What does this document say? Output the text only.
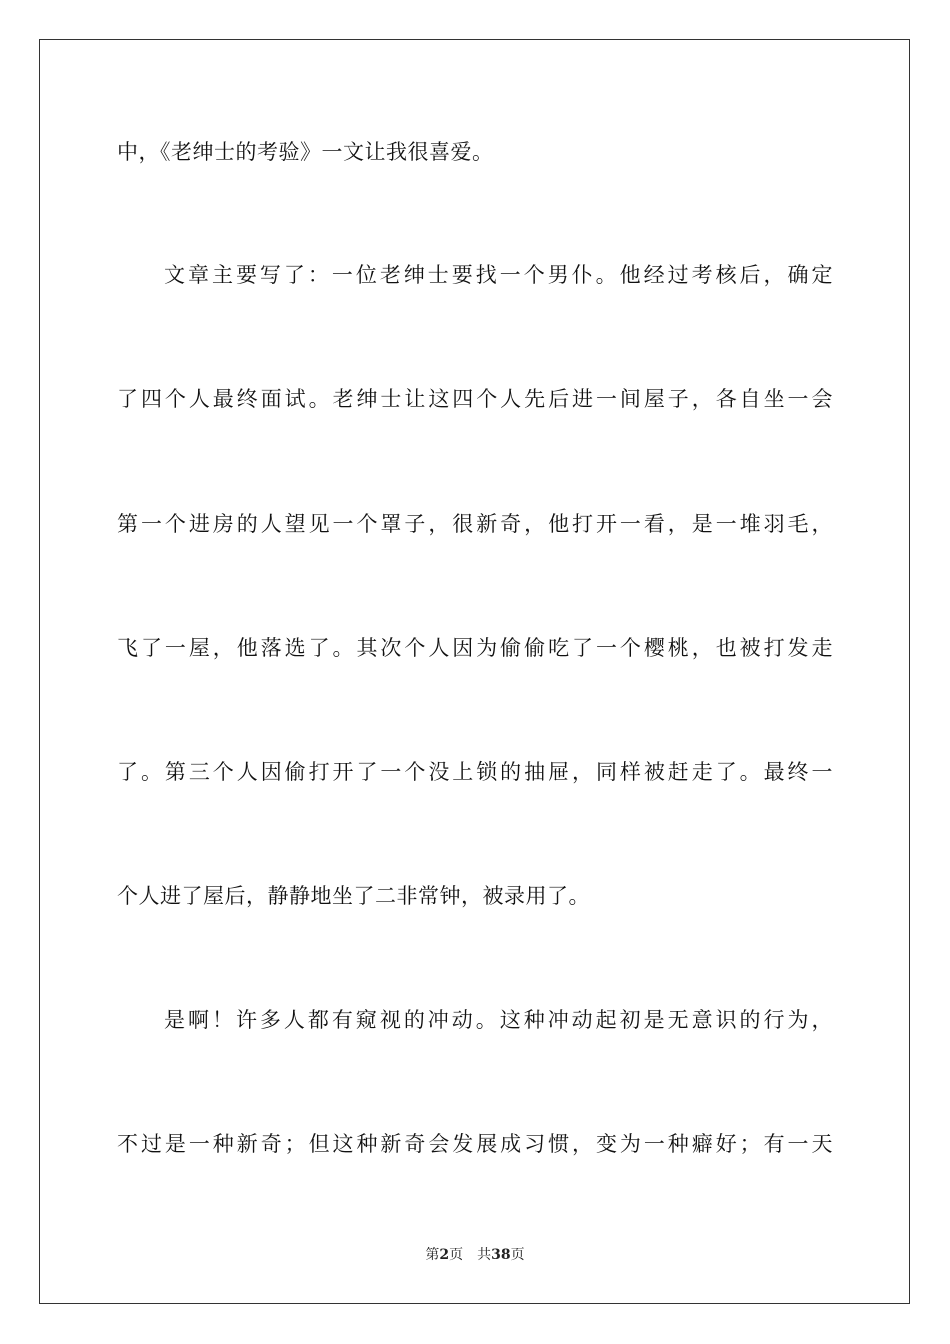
中，《老绅士的考验》一文让我很喜爱。
文章主要写了：一位老绅士要找一个男仆。他经过考核后，确定
了四个人最终面试。老绅士让这四个人先后进一间屋子，各自坐一会
第一个进房的人望见一个罩子，很新奇，他打开一看，是一堆羽毛，
飞了一屋，他落选了。其次个人因为偷偷吃了一个樱桃，也被打发走
了。第三个人因偷打开了一个没上锁的抽屉，同样被赶走了。最终一
个人进了屋后，静静地坐了二非常钟，被录用了。
是啊！许多人都有窥视的冲动。这种冲动起初是无意识的行为，
不过是一种新奇；但这种新奇会发展成习惯，变为一种癖好；有一天
第2页 共38页
